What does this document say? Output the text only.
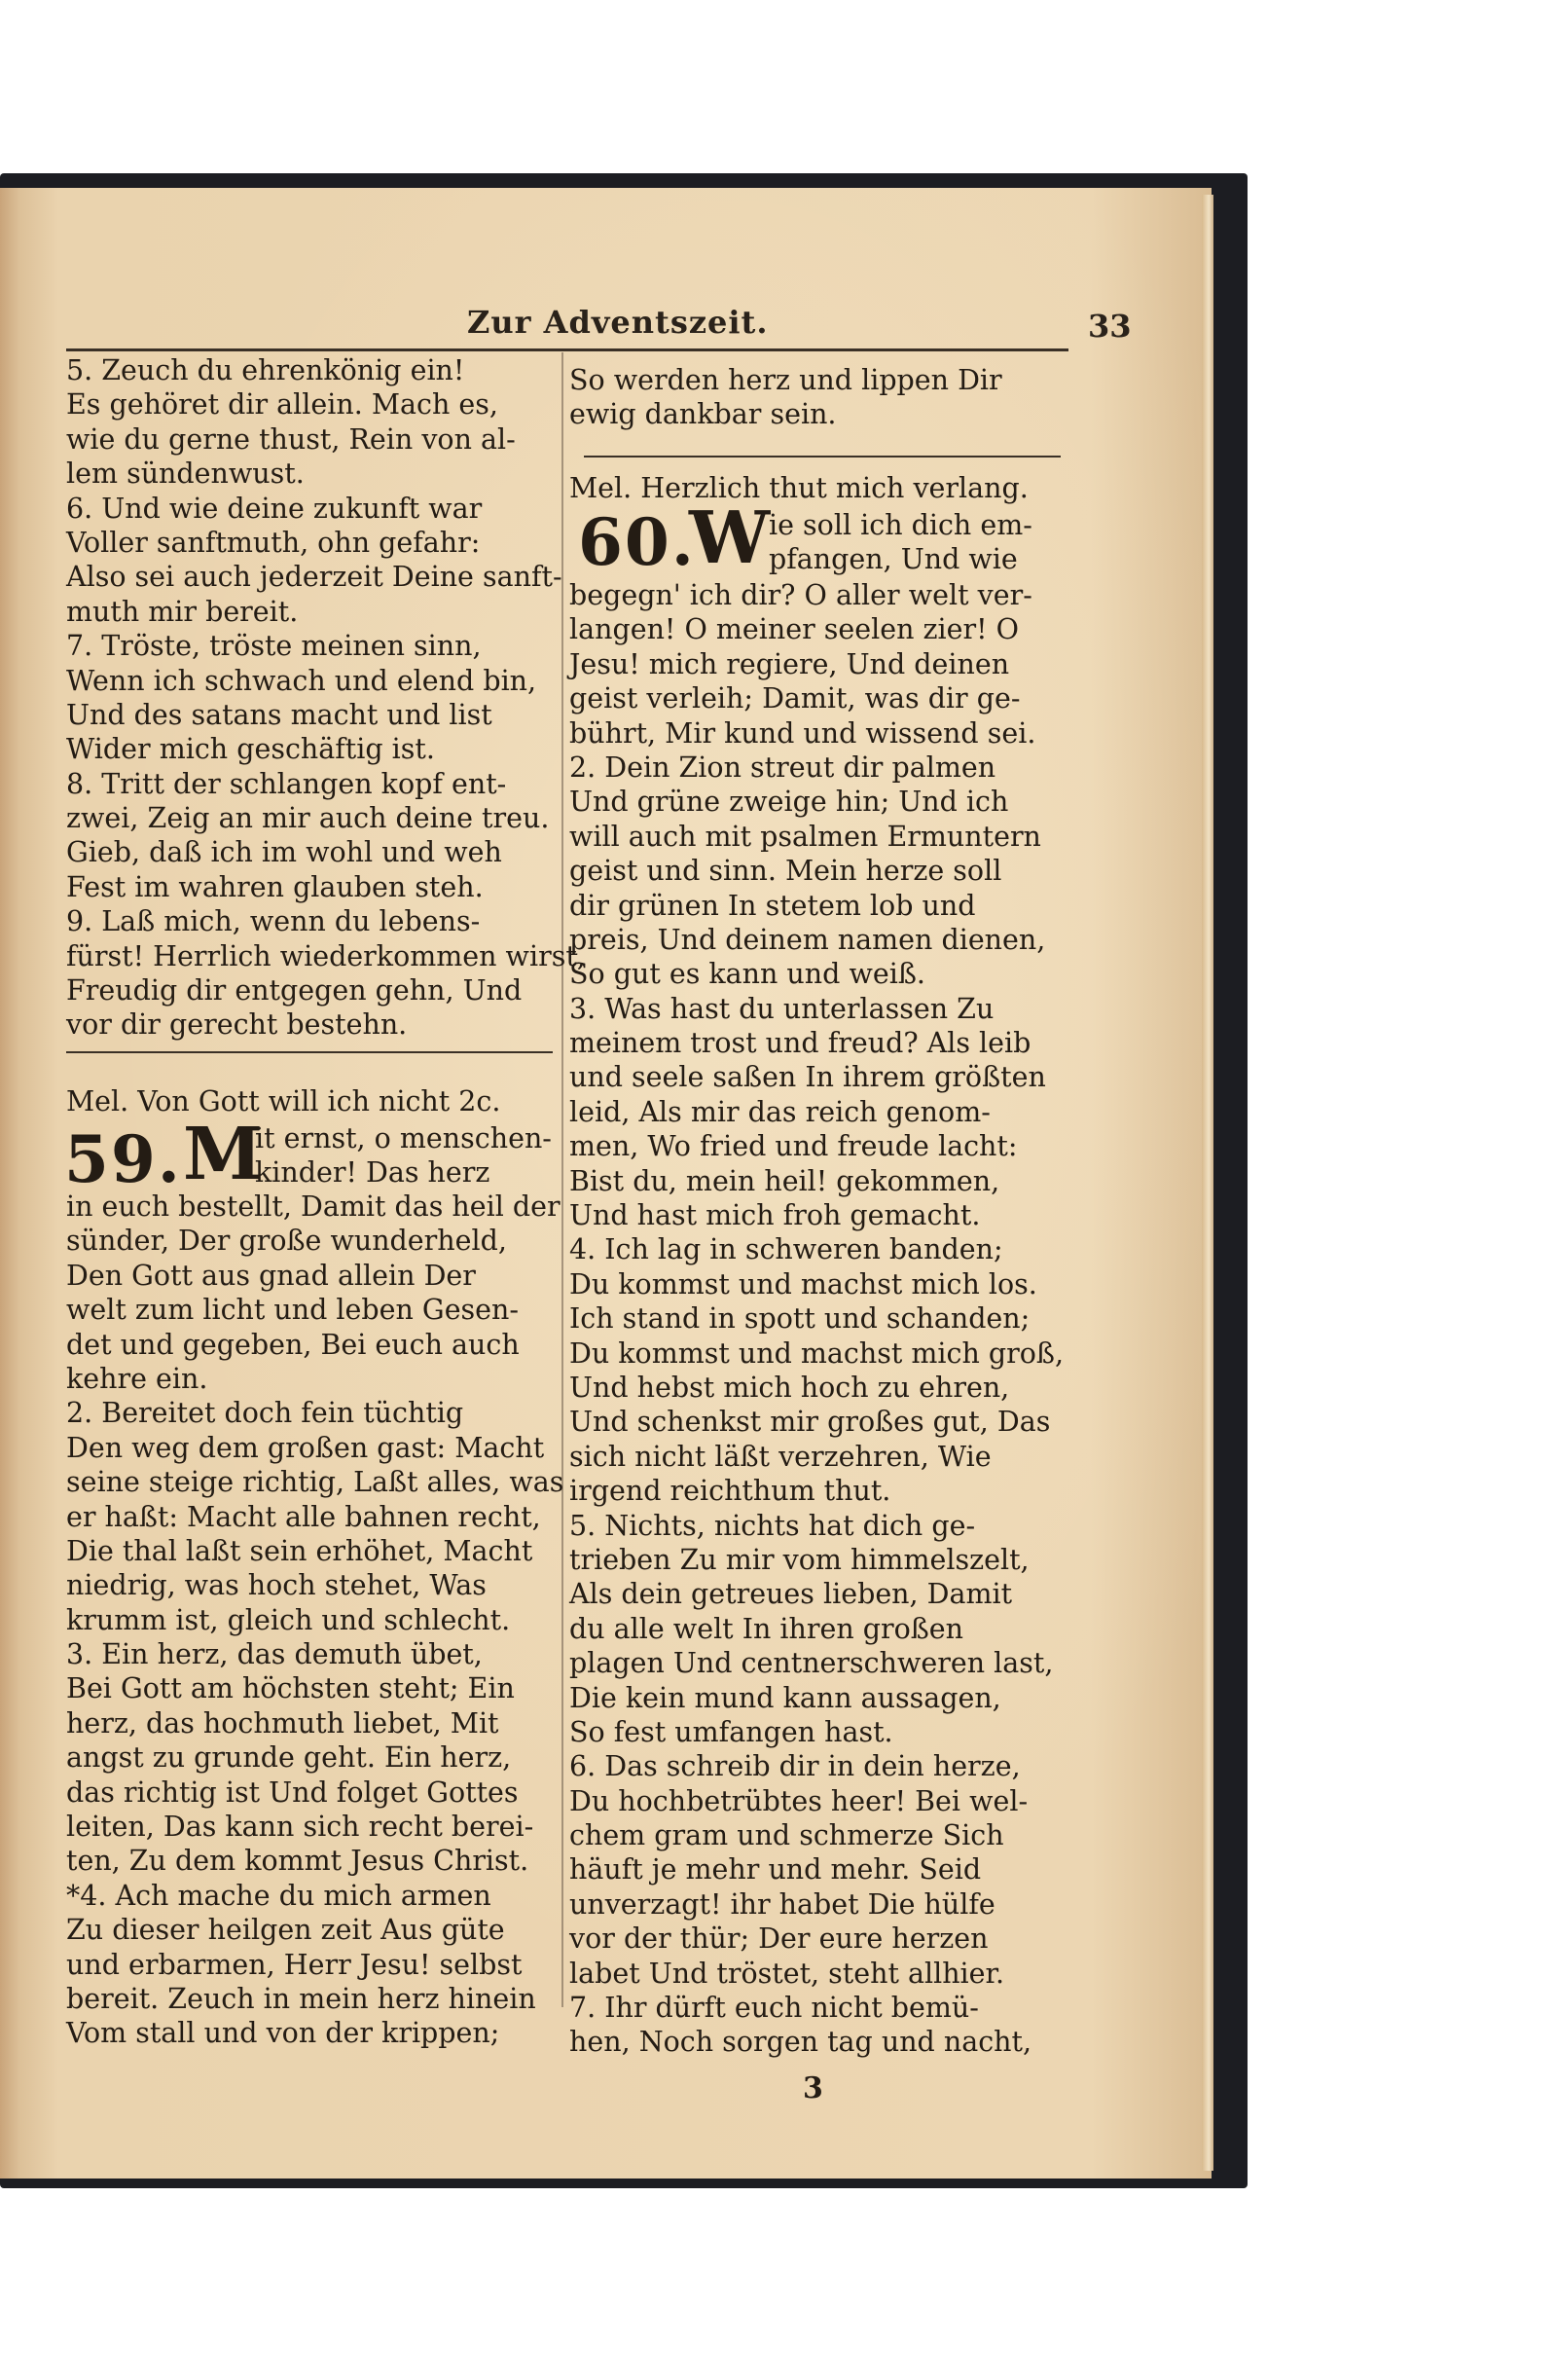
Zur Adventszeit.	33
5. Zeuch du ehrenkönig ein!
Es gehöret dir allein. Mach es,
wie du gerne thust, Rein von al-
lem sündenwust.
6. Und wie deine zukunft war
Voller sanftmuth, ohn gefahr:
Also sei auch jederzeit Deine sanft-
muth mir bereit.
7. Tröste, tröste meinen sinn,
Wenn ich schwach und elend bin,
Und des satans macht und list
Wider mich geschäftig ist.
8. Tritt der schlangen kopf ent-
zwei, Zeig an mir auch deine treu.
Gieb, daß ich im wohl und weh
Fest im wahren glauben steh.
9. Laß mich, wenn du lebens-
fürst! Herrlich wiederkommen wirst,
Freudig dir entgegen gehn, Und
vor dir gerecht bestehn.
Mel. Von Gott will ich nicht 2c.
59. M
it ernst, o menschen-
kinder! Das herz
in euch bestellt, Damit das heil der
sünder, Der große wunderheld,
Den Gott aus gnad allein Der
welt zum licht und leben Gesen-
det und gegeben, Bei euch auch
kehre ein.
2. Bereitet doch fein tüchtig
Den weg dem großen gast: Macht
seine steige richtig, Laßt alles, was
er haßt: Macht alle bahnen recht,
Die thal laßt sein erhöhet, Macht
niedrig, was hoch stehet, Was
krumm ist, gleich und schlecht.
3. Ein herz, das demuth übet,
Bei Gott am höchsten steht; Ein
herz, das hochmuth liebet, Mit
angst zu grunde geht. Ein herz,
das richtig ist Und folget Gottes
leiten, Das kann sich recht berei-
ten, Zu dem kommt Jesus Christ.
*4. Ach mache du mich armen
Zu dieser heilgen zeit Aus güte
und erbarmen, Herr Jesu! selbst
bereit. Zeuch in mein herz hinein
Vom stall und von der krippen;
So werden herz und lippen Dir
ewig dankbar sein.
Mel. Herzlich thut mich verlang.
60.
W
ie soll ich dich em-
pfangen, Und wie
begegn' ich dir? O aller welt ver-
langen! O meiner seelen zier! O
Jesu! mich regiere, Und deinen
geist verleih; Damit, was dir ge-
bührt, Mir kund und wissend sei.
2. Dein Zion streut dir palmen
Und grüne zweige hin; Und ich
will auch mit psalmen Ermuntern
geist und sinn. Mein herze soll
dir grünen In stetem lob und
preis, Und deinem namen dienen,
So gut es kann und weiß.
3. Was hast du unterlassen Zu
meinem trost und freud? Als leib
und seele saßen In ihrem größten
leid, Als mir das reich genom-
men, Wo fried und freude lacht:
Bist du, mein heil! gekommen,
Und hast mich froh gemacht.
4. Ich lag in schweren banden;
Du kommst und machst mich los.
Ich stand in spott und schanden;
Du kommst und machst mich groß,
Und hebst mich hoch zu ehren,
Und schenkst mir großes gut, Das
sich nicht läßt verzehren, Wie
irgend reichthum thut.
5. Nichts, nichts hat dich ge-
trieben Zu mir vom himmelszelt,
Als dein getreues lieben, Damit
du alle welt In ihren großen
plagen Und centnerschweren last,
Die kein mund kann aussagen,
So fest umfangen hast.
6. Das schreib dir in dein herze,
Du hochbetrübtes heer! Bei wel-
chem gram und schmerze Sich
häuft je mehr und mehr. Seid
unverzagt! ihr habet Die hülfe
vor der thür; Der eure herzen
labet Und tröstet, steht allhier.
7. Ihr dürft euch nicht bemü-
hen, Noch sorgen tag und nacht,
3
